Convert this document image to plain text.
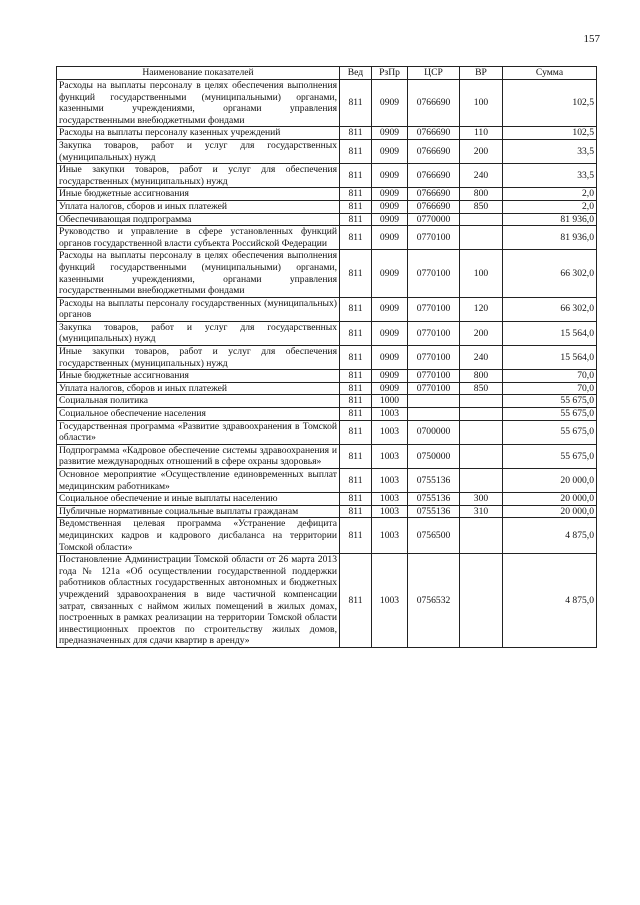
157
Наименование показателей	Вед	РзПр	ЦСР	ВР	Сумма
Расходы на выплаты персоналу в целях обеспечения выполнения функций государственными (муниципальными) органами, казенными учреждениями, органами управления государственными внебюджетными фондами	811	0909	0766690	100	102,5
Расходы на выплаты персоналу казенных учреждений	811	0909	0766690	110	102,5
Закупка товаров, работ и услуг для государственных (муниципальных) нужд	811	0909	0766690	200	33,5
Иные закупки товаров, работ и услуг для обеспечения государственных (муниципальных) нужд	811	0909	0766690	240	33,5
Иные бюджетные ассигнования	811	0909	0766690	800	2,0
Уплата налогов, сборов и иных платежей	811	0909	0766690	850	2,0
Обеспечивающая подпрограмма	811	0909	0770000		81 936,0
Руководство и управление в сфере установленных функций органов государственной власти субъекта Российской Федерации	811	0909	0770100		81 936,0
Расходы на выплаты персоналу в целях обеспечения выполнения функций государственными (муниципальными) органами, казенными учреждениями, органами управления государственными внебюджетными фондами	811	0909	0770100	100	66 302,0
Расходы на выплаты персоналу государственных (муниципальных) органов	811	0909	0770100	120	66 302,0
Закупка товаров, работ и услуг для государственных (муниципальных) нужд	811	0909	0770100	200	15 564,0
Иные закупки товаров, работ и услуг для обеспечения государственных (муниципальных) нужд	811	0909	0770100	240	15 564,0
Иные бюджетные ассигнования	811	0909	0770100	800	70,0
Уплата налогов, сборов и иных платежей	811	0909	0770100	850	70,0
Социальная политика	811	1000			55 675,0
Социальное обеспечение населения	811	1003			55 675,0
Государственная программа «Развитие здравоохранения в Томской области»	811	1003	0700000		55 675,0
Подпрограмма «Кадровое обеспечение системы здравоохранения и развитие международных отношений в сфере охраны здоровья»	811	1003	0750000		55 675,0
Основное мероприятие «Осуществление единовременных выплат медицинским работникам»	811	1003	0755136		20 000,0
Социальное обеспечение и иные выплаты населению	811	1003	0755136	300	20 000,0
Публичные нормативные социальные выплаты гражданам	811	1003	0755136	310	20 000,0
Ведомственная целевая программа «Устранение дефицита медицинских кадров и кадрового дисбаланса на территории Томской области»	811	1003	0756500		4 875,0
Постановление Администрации Томской области от 26 марта 2013 года № 121а «Об осуществлении государственной поддержки работников областных государственных автономных и бюджетных учреждений здравоохранения в виде частичной компенсации затрат, связанных с наймом жилых помещений в жилых домах, построенных в рамках реализации на территории Томской области инвестиционных проектов по строительству жилых домов, предназначенных для сдачи квартир в аренду»	811	1003	0756532		4 875,0
